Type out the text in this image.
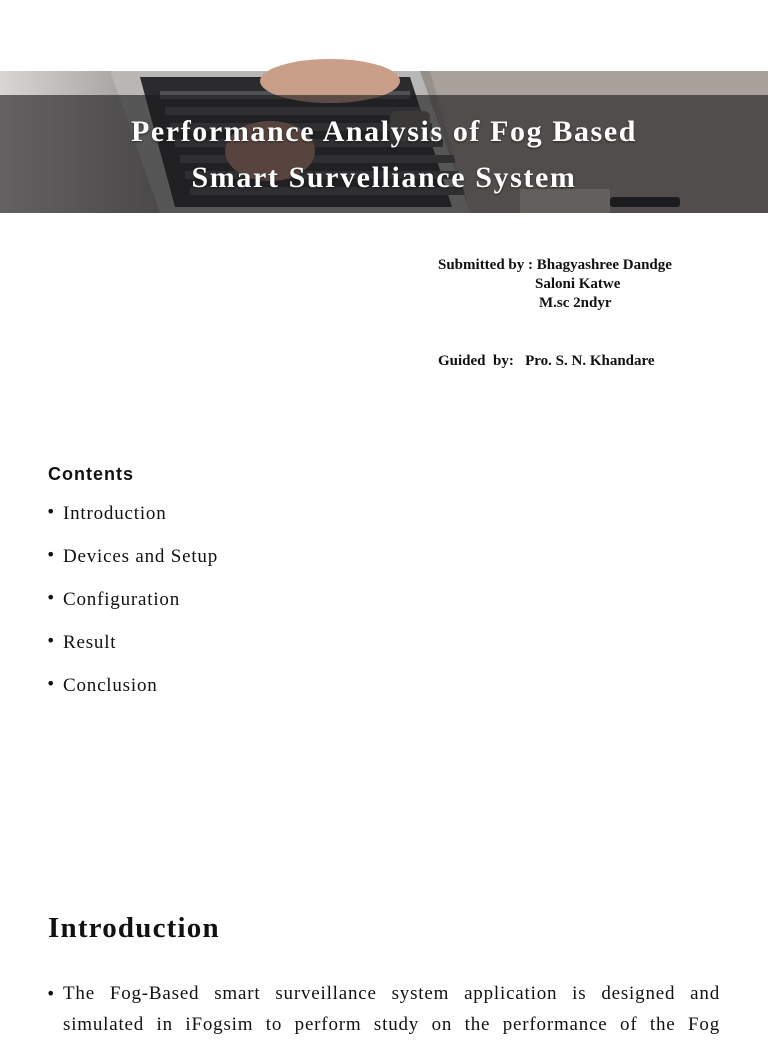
Performance Analysis of Fog Based
Smart Survelliance System
Submitted by : Bhagyashree Dandge
Saloni Katwe
M.sc 2ndyr
Guided  by:   Pro. S. N. Khandare
Contents
• Introduction
• Devices and Setup
• Configuration
• Result
• Conclusion
Introduction
• The Fog-Based smart surveillance system application is designed and
simulated in iFogsim to perform study on the performance of the Fog
